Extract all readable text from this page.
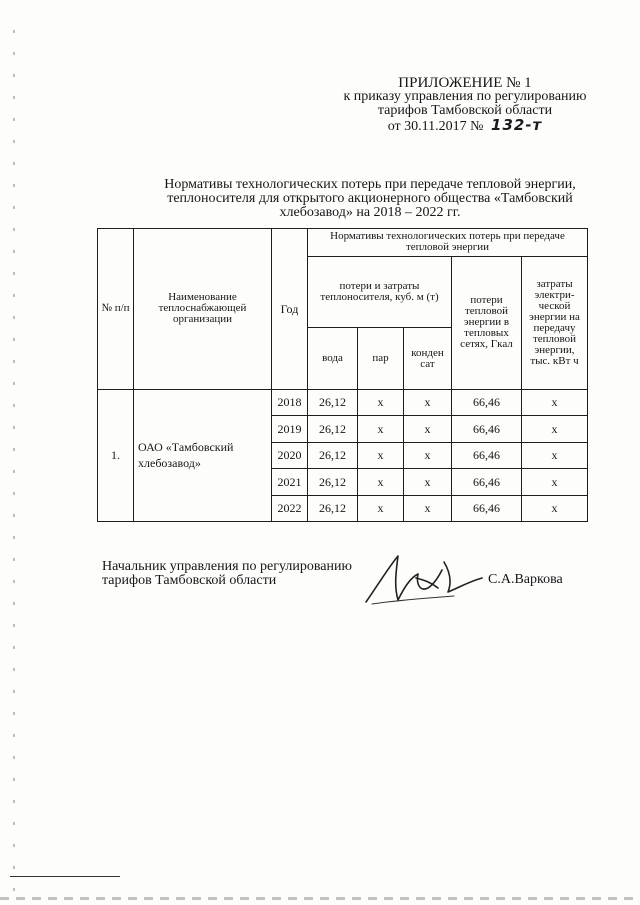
ПРИЛОЖЕНИЕ № 1
к приказу управления по регулированию
тарифов Тамбовской области
от 30.11.2017 № 132-т
Нормативы технологических потерь при передаче тепловой энергии,
теплоносителя для открытого акционерного общества «Тамбовский
хлебозавод» на 2018 – 2022 гг.
№ п/п	Наименование теплоснабжающей организации	Год	Нормативы технологических потерь при передаче тепловой энергии				
			потери и затраты теплоносителя, куб. м (т)			потери тепловой энергии в тепловых сетях, Гкал	затраты электри-ческой энергии на передачу тепловой энергии, тыс. кВт ч
			вода	пар	конден сат		
1.	ОАО «Тамбовский хлебозавод»	2018	26,12	х	х	66,46	х
		2019	26,12	х	х	66,46	х
		2020	26,12	х	х	66,46	х
		2021	26,12	х	х	66,46	х
		2022	26,12	х	х	66,46	х
Начальник управления по регулированию
тарифов Тамбовской области	С.А.Варкова
